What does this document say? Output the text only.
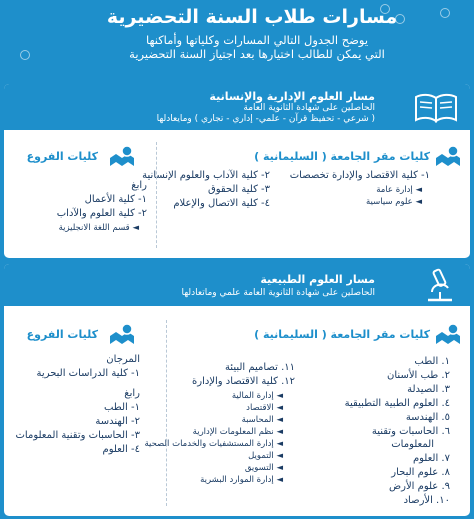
مسارات طلاب السنة التحضيرية
يوضح الجدول التالي المسارات وكلياتها وأماكنها
التي يمكن للطالب اختيارها بعد اجتياز السنة التحضيرية
مسار العلوم الإدارية والإنسانية
الحاصلين على شهادة الثانوية العامة
( شرعي - تحفيظ قرآن - علمي- إداري - تجاري ) ومايعادلها
كليات مقر الجامعة ( السليمانية )
١- كلية الاقتصاد والإدارة تخصصات
◄ إدارة عامة
◄ علوم سياسية
٢- كلية الآداب والعلوم الإنسانية
٣- كلية الحقوق
٤- كلية الاتصال والإعلام
كليات الفروع
رابغ
١- كلية الأعمال
٢- كلية العلوم والآداب
◄ قسم اللغة الانجليزية
مسار العلوم الطبيعية
الحاصلين على شهادة الثانوية العامة علمي وماتعادلها
كليات مقر الجامعة ( السليمانية )
١. الطب
٢. طب الأسنان
٣. الصيدلة
٤. العلوم الطبية التطبيقية
٥. الهندسة
٦. الحاسبات وتقنية
المعلومات
٧. العلوم
٨. علوم البحار
٩. علوم الأرض
١٠. الأرصاد
١١. تصاميم البيئة
١٢. كلية الاقتصاد والإدارة
◄ إدارة المالية
◄ الاقتصاد
◄ المحاسبة
◄ نظم المعلومات الإدارية
◄ إدارة المستشفيات والخدمات الصحية
◄ التمويل
◄ التسويق
◄ إدارة الموارد البشرية
كليات الفروع
المرجان
١- كلية الدراسات البحرية
رابغ
١- الطب
٢- الهندسة
٣- الحاسبات وتقنية المعلومات
٤- العلوم
